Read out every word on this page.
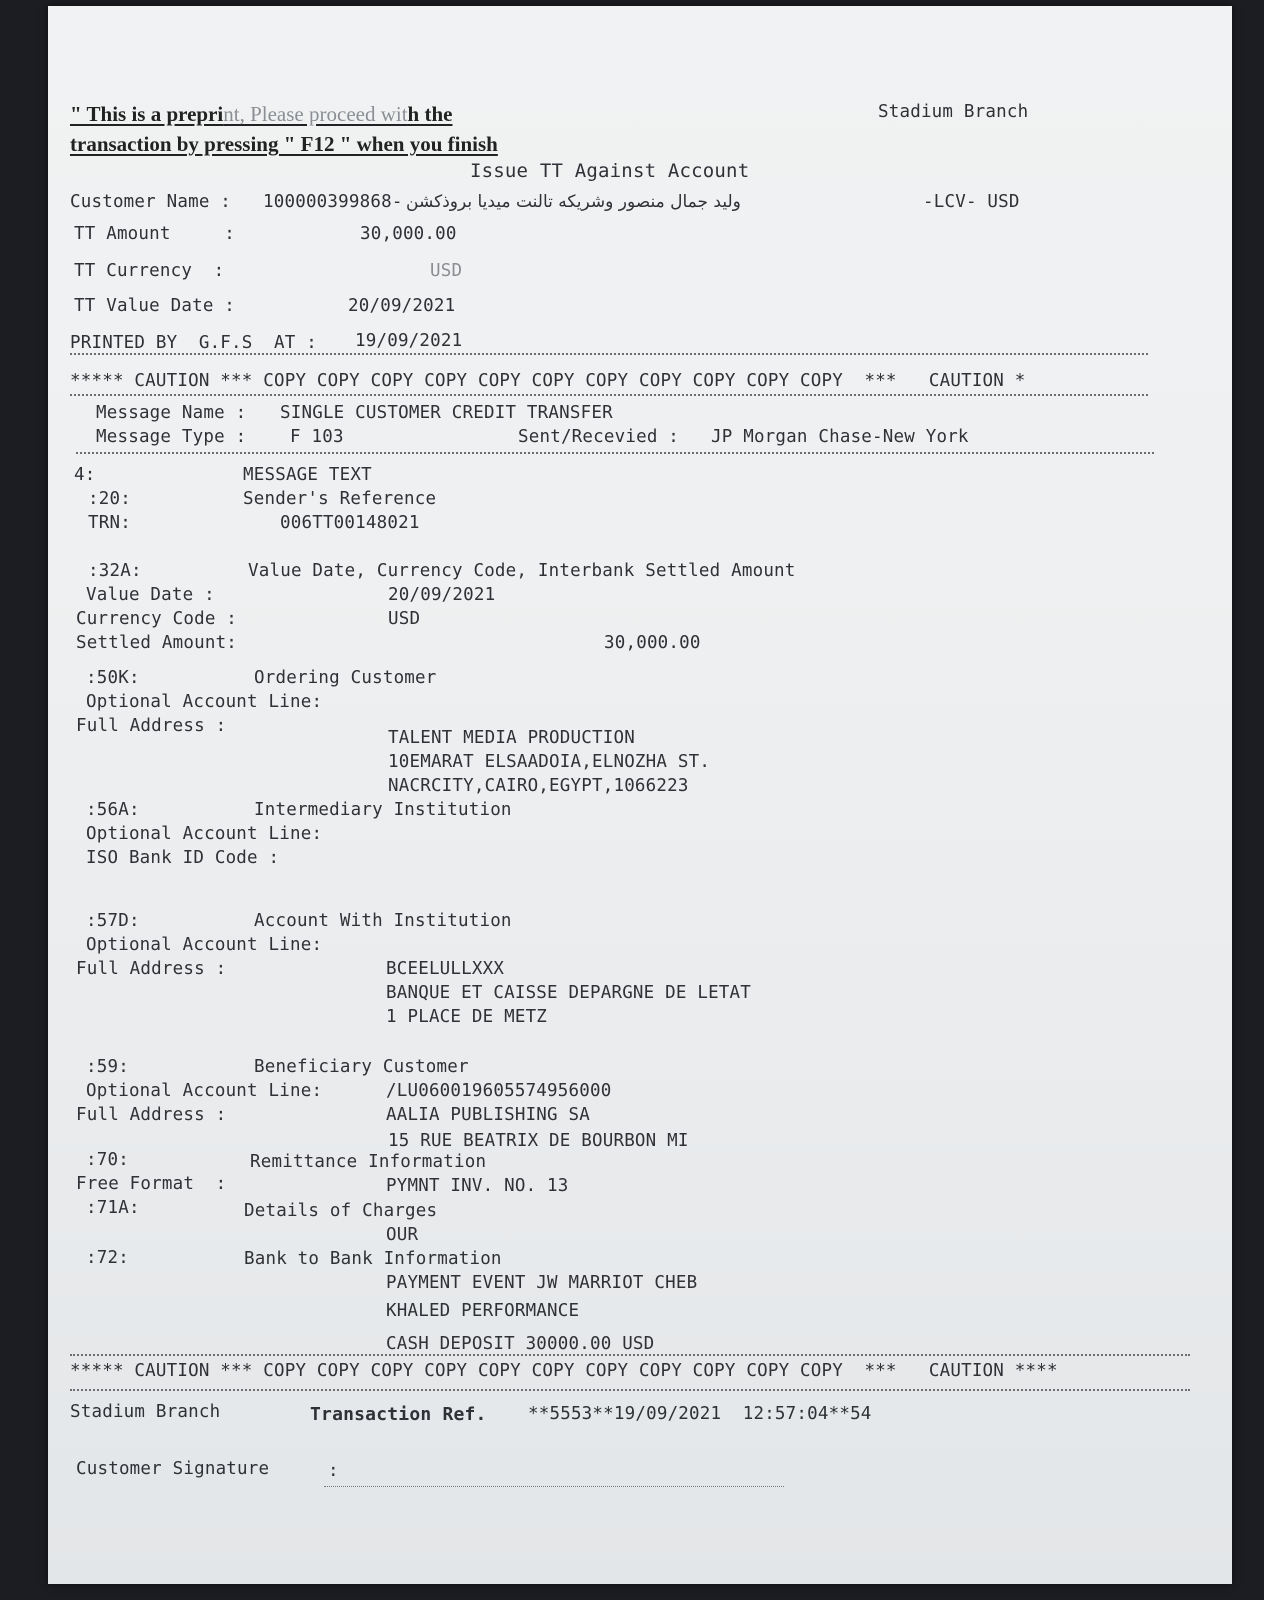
" This is a preprint, Please proceed with the
transaction by pressing " F12 " when you finish
Stadium Branch
Issue TT Against Account
Customer Name : 100000399868- وليد جمال منصور وشريكه تالنت ميديا بروذكشن	-LCV- USD
TT Amount     :	30,000.00
TT Currency  :	USD
TT Value Date :	20/09/2021
PRINTED BY  G.F.S  AT : 19/09/2021
***** CAUTION *** COPY COPY COPY COPY COPY COPY COPY COPY COPY COPY COPY  ***   CAUTION *
Message Name : SINGLE CUSTOMER CREDIT TRANSFER
Message Type : F 103	Sent/Recevied : JP Morgan Chase-New York
4:	MESSAGE TEXT
:20:	Sender's Reference
TRN:	006TT00148021
:32A:	Value Date, Currency Code, Interbank Settled Amount
Value Date :	20/09/2021
Currency Code :	USD
Settled Amount:	30,000.00
:50K:	Ordering Customer
Optional Account Line:
Full Address :
TALENT MEDIA PRODUCTION
10EMARAT ELSAADOIA,ELNOZHA ST.
NACRCITY,CAIRO,EGYPT,1066223
:56A:	Intermediary Institution
Optional Account Line:
ISO Bank ID Code :
:57D:	Account With Institution
Optional Account Line:
Full Address :	BCEELULLXXX
BANQUE ET CAISSE DEPARGNE DE LETAT
1 PLACE DE METZ
:59:	Beneficiary Customer
Optional Account Line:	/LU060019605574956000
Full Address :	AALIA PUBLISHING SA
15 RUE BEATRIX DE BOURBON MI
:70:	Remittance Information
Free Format  :	PYMNT INV. NO. 13
:71A:	Details of Charges
OUR
:72:	Bank to Bank Information
PAYMENT EVENT JW MARRIOT CHEB
KHALED PERFORMANCE
CASH DEPOSIT 30000.00 USD
***** CAUTION *** COPY COPY COPY COPY COPY COPY COPY COPY COPY COPY COPY  ***   CAUTION ****
Stadium Branch	Transaction Ref. **5553**19/09/2021  12:57:04**54
Customer Signature	:
